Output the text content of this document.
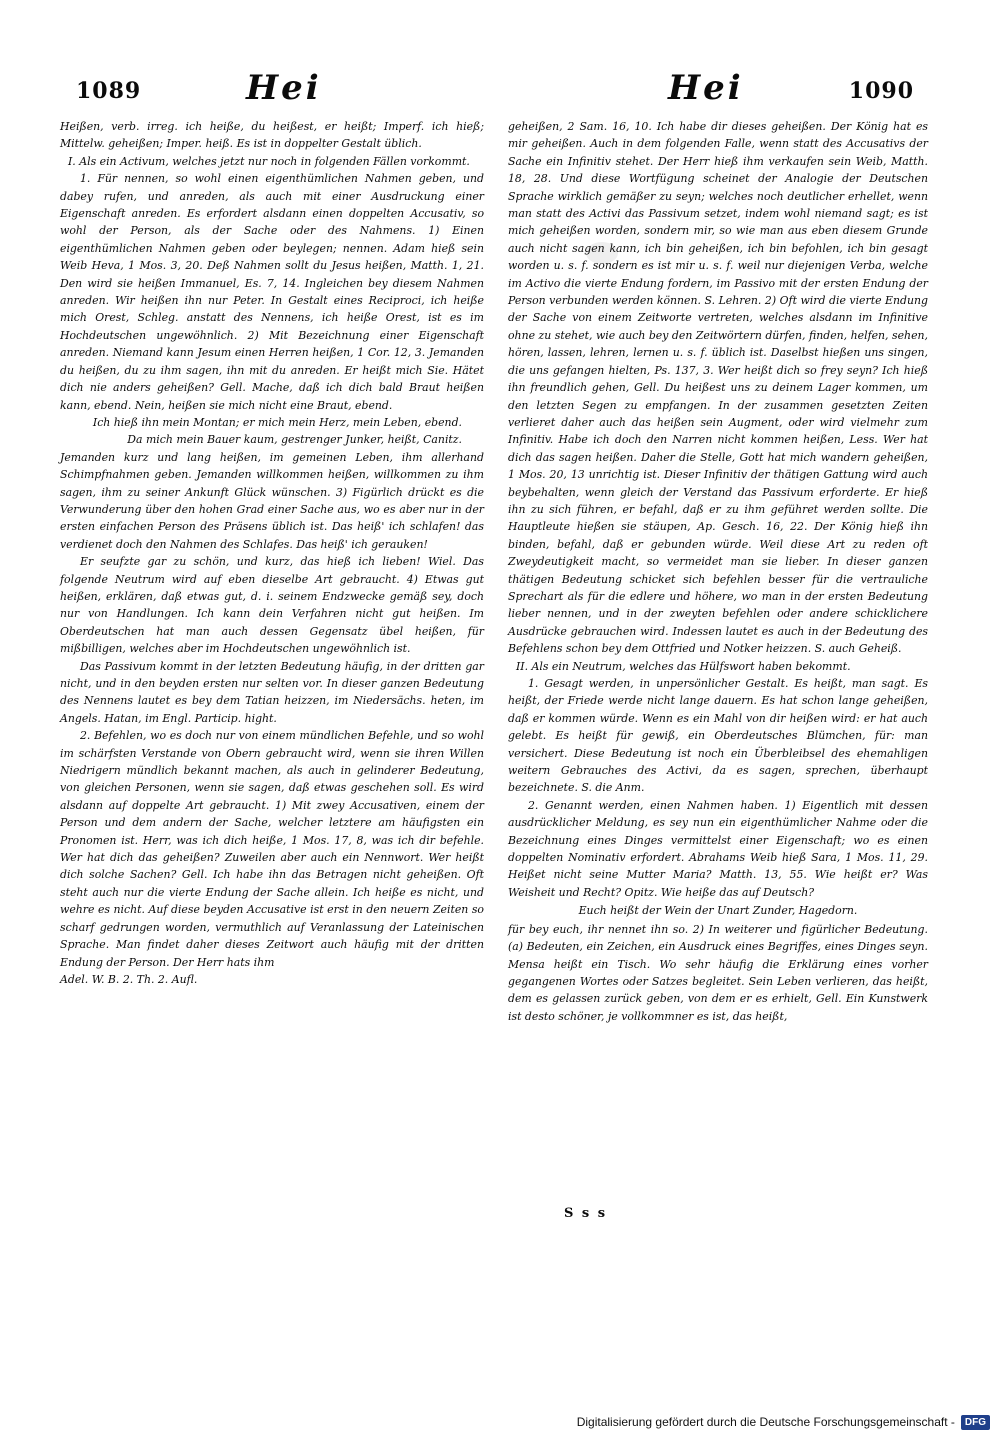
1089	Hei	Hei	1090

Heißen, verb. irreg. ich heiße, du heißest, er heißt; Imperf. ich hieß; Mittelw. geheißen; Imper. heiß. Es ist in doppelter Gestalt üblich.

I. Als ein Activum, welches jetzt nur noch in folgenden Fällen vorkommt.

1. Für nennen, so wohl einen eigenthümlichen Nahmen geben, und dabey rufen, und anreden, als auch mit einer Ausdruckung einer Eigenschaft anreden. Es erfordert alsdann einen doppelten Accusativ, so wohl der Person, als der Sache oder des Nahmens. 1) Einen eigenthümlichen Nahmen geben oder beylegen; nennen. Adam hieß sein Weib Heva, 1 Mos. 3, 20. Deß Nahmen sollt du Jesus heißen, Matth. 1, 21. Den wird sie heißen Immanuel, Es. 7, 14. Ingleichen bey diesem Nahmen anreden. Wir heißen ihn nur Peter. In Gestalt eines Reciproci, ich heiße mich Orest, Schleg. anstatt des Nennens, ich heiße Orest, ist es im Hochdeutschen ungewöhnlich. 2) Mit Bezeichnung einer Eigenschaft anreden. Niemand kann Jesum einen Herren heißen, 1 Cor. 12, 3. Jemanden du heißen, du zu ihm sagen, ihn mit du anreden. Er heißt mich Sie. Hätet dich nie anders geheißen? Gell. Mache, daß ich dich bald Braut heißen kann, ebend. Nein, heißen sie mich nicht eine Braut, ebend.

Ich hieß ihn mein Montan; er mich mein Herz, mein Leben, ebend.

Da mich mein Bauer kaum, gestrenger Junker, heißt, Canitz.

Jemanden kurz und lang heißen, im gemeinen Leben, ihm allerhand Schimpfnahmen geben. Jemanden willkommen heißen, willkommen zu ihm sagen, ihm zu seiner Ankunft Glück wünschen. 3) Figürlich drückt es die Verwunderung über den hohen Grad einer Sache aus, wo es aber nur in der ersten einfachen Person des Präsens üblich ist. Das heiß' ich schlafen! das verdienet doch den Nahmen des Schlafes. Das heiß' ich gerauken!

Er seufzte gar zu schön, und kurz, das hieß ich lieben! Wiel. Das folgende Neutrum wird auf eben dieselbe Art gebraucht. 4) Etwas gut heißen, erklären, daß etwas gut, d. i. seinem Endzwecke gemäß sey, doch nur von Handlungen. Ich kann dein Verfahren nicht gut heißen. Im Oberdeutschen hat man auch dessen Gegensatz übel heißen, für mißbilligen, welches aber im Hochdeutschen ungewöhnlich ist.

Das Passivum kommt in der letzten Bedeutung häufig, in der dritten gar nicht, und in den beyden ersten nur selten vor. In dieser ganzen Bedeutung des Nennens lautet es bey dem Tatian heizzen, im Niedersächs. heten, im Angels. Hatan, im Engl. Particip. hight.

2. Befehlen, wo es doch nur von einem mündlichen Befehle, und so wohl im schärfsten Verstande von Obern gebraucht wird, wenn sie ihren Willen Niedrigern mündlich bekannt machen, als auch in gelinderer Bedeutung, von gleichen Personen, wenn sie sagen, daß etwas geschehen soll. Es wird alsdann auf doppelte Art gebraucht. 1) Mit zwey Accusativen, einem der Person und dem andern der Sache, welcher letztere am häufigsten ein Pronomen ist. Herr, was ich dich heiße, 1 Mos. 17, 8, was ich dir befehle. Wer hat dich das geheißen? Zuweilen aber auch ein Nennwort. Wer heißt dich solche Sachen? Gell. Ich habe ihn das Betragen nicht geheißen. Oft steht auch nur die vierte Endung der Sache allein. Ich heiße es nicht, und wehre es nicht. Auf diese beyden Accusative ist erst in den neuern Zeiten so scharf gedrungen worden, vermuthlich auf Veranlassung der Lateinischen Sprache. Man findet daher dieses Zeitwort auch häufig mit der dritten Endung der Person. Der Herr hats ihm

Adel. W. B. 2. Th. 2. Aufl.

geheißen, 2 Sam. 16, 10. Ich habe dir dieses geheißen. Der König hat es mir geheißen. Auch in dem folgenden Falle, wenn statt des Accusativs der Sache ein Infinitiv stehet. Der Herr hieß ihm verkaufen sein Weib, Matth. 18, 28. Und diese Wortfügung scheinet der Analogie der Deutschen Sprache wirklich gemäßer zu seyn; welches noch deutlicher erhellet, wenn man statt des Activi das Passivum setzet, indem wohl niemand sagt; es ist mich geheißen worden, sondern mir, so wie man aus eben diesem Grunde auch nicht sagen kann, ich bin geheißen, ich bin befohlen, ich bin gesagt worden u. s. f. sondern es ist mir u. s. f. weil nur diejenigen Verba, welche im Activo die vierte Endung fordern, im Passivo mit der ersten Endung der Person verbunden werden können. S. Lehren. 2) Oft wird die vierte Endung der Sache von einem Zeitworte vertreten, welches alsdann im Infinitive ohne zu stehet, wie auch bey den Zeitwörtern dürfen, finden, helfen, sehen, hören, lassen, lehren, lernen u. s. f. üblich ist. Daselbst hießen uns singen, die uns gefangen hielten, Ps. 137, 3. Wer heißt dich so frey seyn? Ich hieß ihn freundlich gehen, Gell. Du heißest uns zu deinem Lager kommen, um den letzten Segen zu empfangen. In der zusammen gesetzten Zeiten verlieret daher auch das heißen sein Augment, oder wird vielmehr zum Infinitiv. Habe ich doch den Narren nicht kommen heißen, Less. Wer hat dich das sagen heißen. Daher die Stelle, Gott hat mich wandern geheißen, 1 Mos. 20, 13 unrichtig ist. Dieser Infinitiv der thätigen Gattung wird auch beybehalten, wenn gleich der Verstand das Passivum erforderte. Er hieß ihn zu sich führen, er befahl, daß er zu ihm geführet werden sollte. Die Hauptleute hießen sie stäupen, Ap. Gesch. 16, 22. Der König hieß ihn binden, befahl, daß er gebunden würde. Weil diese Art zu reden oft Zweydeutigkeit macht, so vermeidet man sie lieber. In dieser ganzen thätigen Bedeutung schicket sich befehlen besser für die vertrauliche Sprechart als für die edlere und höhere, wo man in der ersten Bedeutung lieber nennen, und in der zweyten befehlen oder andere schicklichere Ausdrücke gebrauchen wird. Indessen lautet es auch in der Bedeutung des Befehlens schon bey dem Ottfried und Notker heizzen. S. auch Geheiß.

II. Als ein Neutrum, welches das Hülfswort haben bekommt.

1. Gesagt werden, in unpersönlicher Gestalt. Es heißt, man sagt. Es heißt, der Friede werde nicht lange dauern. Es hat schon lange geheißen, daß er kommen würde. Wenn es ein Mahl von dir heißen wird: er hat auch gelebt. Es heißt für gewiß, ein Oberdeutsches Blümchen, für: man versichert. Diese Bedeutung ist noch ein Überbleibsel des ehemahligen weitern Gebrauches des Activi, da es sagen, sprechen, überhaupt bezeichnete. S. die Anm.

2. Genannt werden, einen Nahmen haben. 1) Eigentlich mit dessen ausdrücklicher Meldung, es sey nun ein eigenthümlicher Nahme oder die Bezeichnung eines Dinges vermittelst einer Eigenschaft; wo es einen doppelten Nominativ erfordert. Abrahams Weib hieß Sara, 1 Mos. 11, 29. Heißet nicht seine Mutter Maria? Matth. 13, 55. Wie heißt er? Was Weisheit und Recht? Opitz. Wie heiße das auf Deutsch?

Euch heißt der Wein der Unart Zunder, Hagedorn.

für bey euch, ihr nennet ihn so. 2) In weiterer und figürlicher Bedeutung. (a) Bedeuten, ein Zeichen, ein Ausdruck eines Begriffes, eines Dinges seyn. Mensa heißt ein Tisch. Wo sehr häufig die Erklärung eines vorher gegangenen Wortes oder Satzes begleitet. Sein Leben verlieren, das heißt, dem es gelassen zurück geben, von dem er es erhielt, Gell. Ein Kunstwerk ist desto schöner, je vollkommner es ist, das heißt,

S s s
Digitalisierung gefördert durch die Deutsche Forschungsgemeinschaft -	DFG
